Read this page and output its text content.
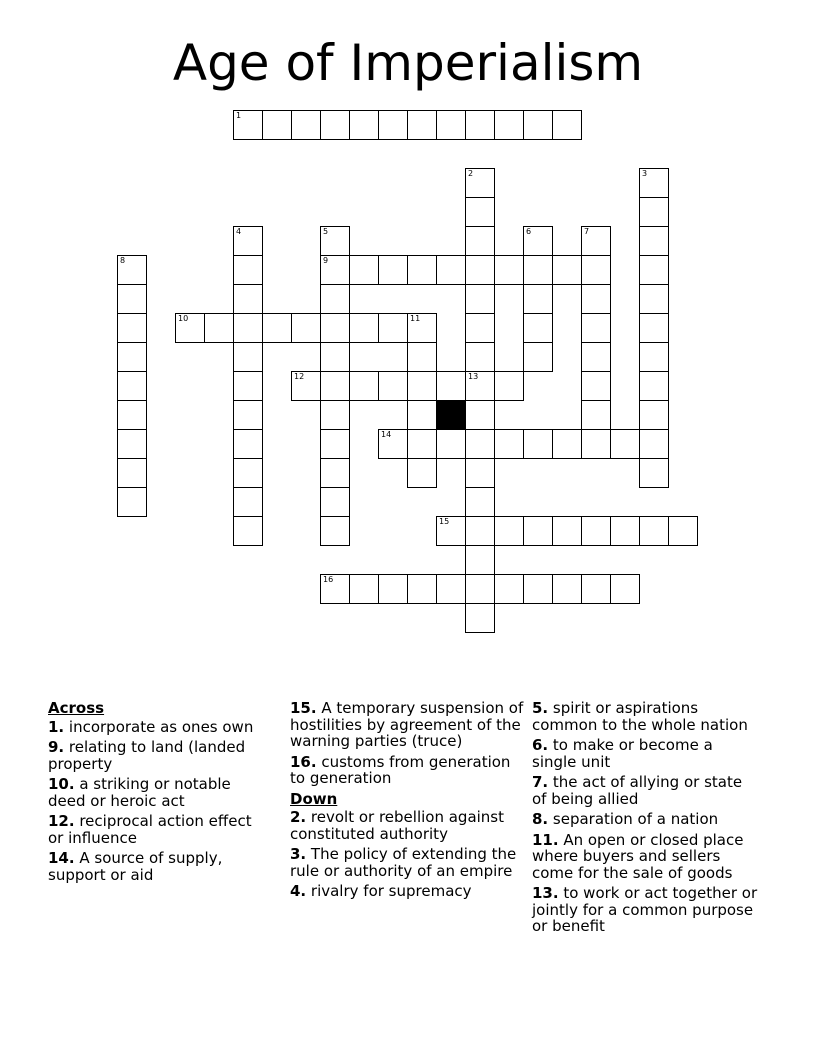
Age of Imperialism
1
9
10
12	13
14
15
16
2	3
4	5	6	7
8
11
Across
1. incorporate as ones own
9. relating to land (landed property
10. a striking or notable deed or heroic act
12. reciprocal action effect or influence
14. A source of supply, support or aid
15. A temporary suspension of hostilities by agreement of the warning parties (truce)
16. customs from generation to generation
Down
2. revolt or rebellion against constituted authority
3. The policy of extending the rule or authority of an empire
4. rivalry for supremacy
5. spirit or aspirations common to the whole nation
6. to make or become a single unit
7. the act of allying or state of being allied
8. separation of a nation
11. An open or closed place where buyers and sellers come for the sale of goods
13. to work or act together or jointly for a common purpose or benefit
